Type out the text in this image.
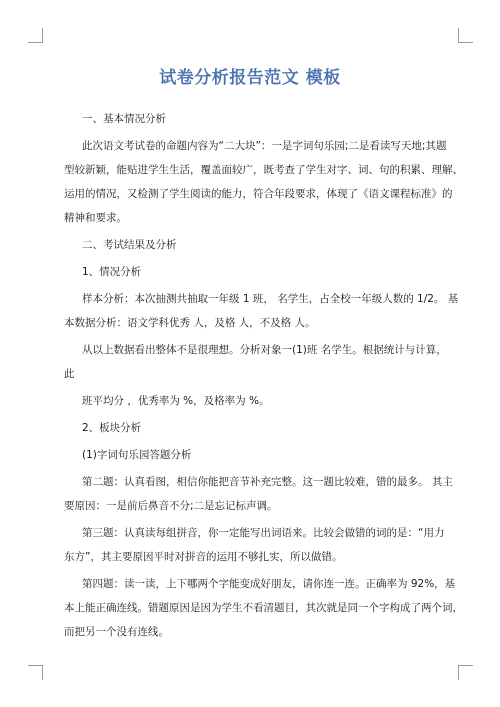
试卷分析报告范文 模板
一、基本情况分析
此次语文考试卷的命题内容为“二大块”：一是字词句乐园;二是看读写天地;其题
型较新颖，能贴进学生生活，覆盖面较广，既考查了学生对字、词、句的积累、理解、
运用的情况，又检测了学生阅读的能力，符合年段要求，体现了《语文课程标准》的
精神和要求。
二、考试结果及分析
1、情况分析
样本分析：本次抽测共抽取一年级 1 班， 名学生，占全校一年级人数的 1/2。 基
本数据分析：语文学科优秀 人，及格 人，不及格 人。
从以上数据看出整体不是很理想。分析对象一(1)班 名学生。根据统计与计算，
此
班平均分 ，优秀率为 %，及格率为 %。
2、板块分析
(1)字词句乐园答题分析
第二题：认真看图，相信你能把音节补充完整。这一题比较难，错的最多。 其主
要原因：一是前后鼻音不分;二是忘记标声调。
第三题：认真读每组拼音，你一定能写出词语来。比较会做错的词的是：“用力
东方”，其主要原因平时对拼音的运用不够扎实，所以做错。
第四题：读一读，上下哪两个字能变成好朋友，请你连一连。正确率为 92%，基
本上能正确连线。错题原因是因为学生不看清题目，其次就是同一个字构成了两个词，
而把另一个没有连线。
